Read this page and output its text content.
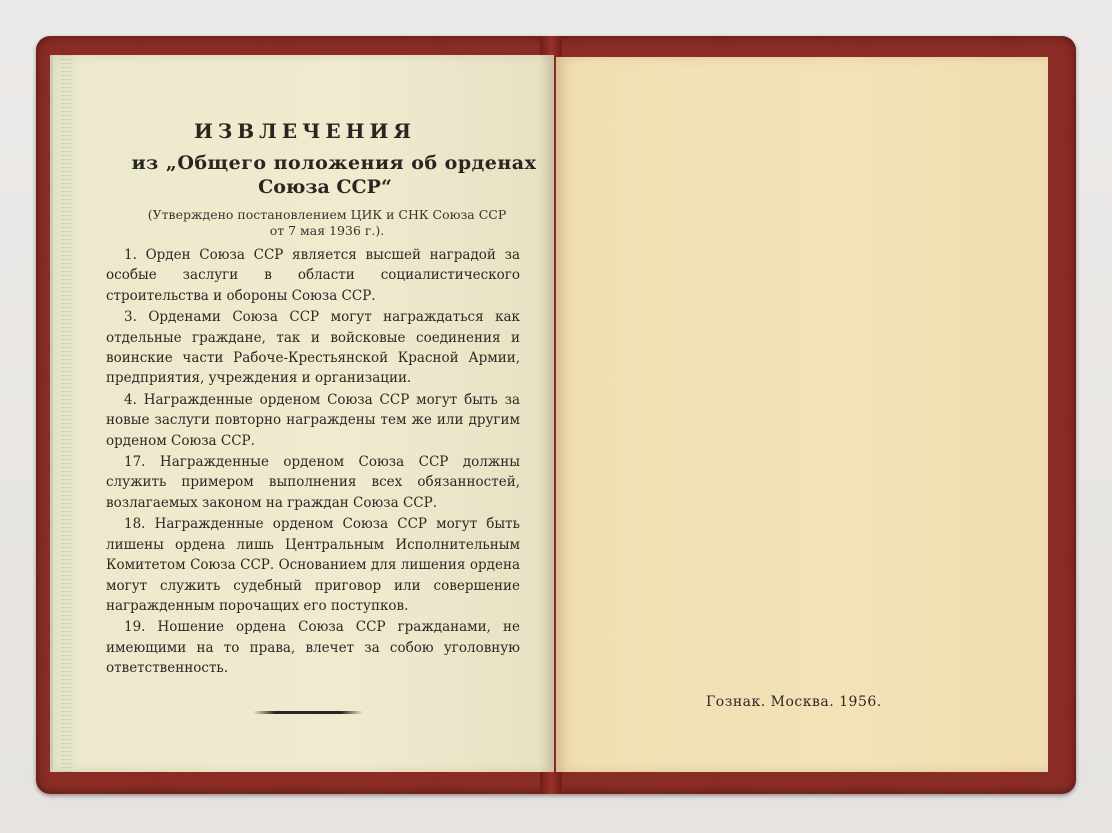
ИЗВЛЕЧЕНИЯ
из „Общего положения об орденах
Союза ССР“
(Утверждено постановлением ЦИК и СНК Союза ССР
от 7 мая 1936 г.).

1. Орден Союза ССР является высшей наградой за особые заслуги в области социалистического строительства и обороны Союза ССР.

3. Орденами Союза ССР могут награждаться как отдельные граждане, так и войсковые соединения и воинские части Рабоче-Крестьянской Красной Армии, предприятия, учреждения и организации.

4. Награжденные орденом Союза ССР могут быть за новые заслуги повторно награждены тем же или другим орденом Союза ССР.

17. Награжденные орденом Союза ССР должны служить примером выполнения всех обязанностей, возлагаемых законом на граждан Союза ССР.

18. Награжденные орденом Союза ССР могут быть лишены ордена лишь Центральным Исполнительным Комитетом Союза ССР. Основанием для лишения ордена могут служить судебный приговор или совершение награжденным порочащих его поступков.

19. Ношение ордена Союза ССР гражданами, не имеющими на то права, влечет за собою уголовную ответственность.

Гознак. Москва. 1956.
